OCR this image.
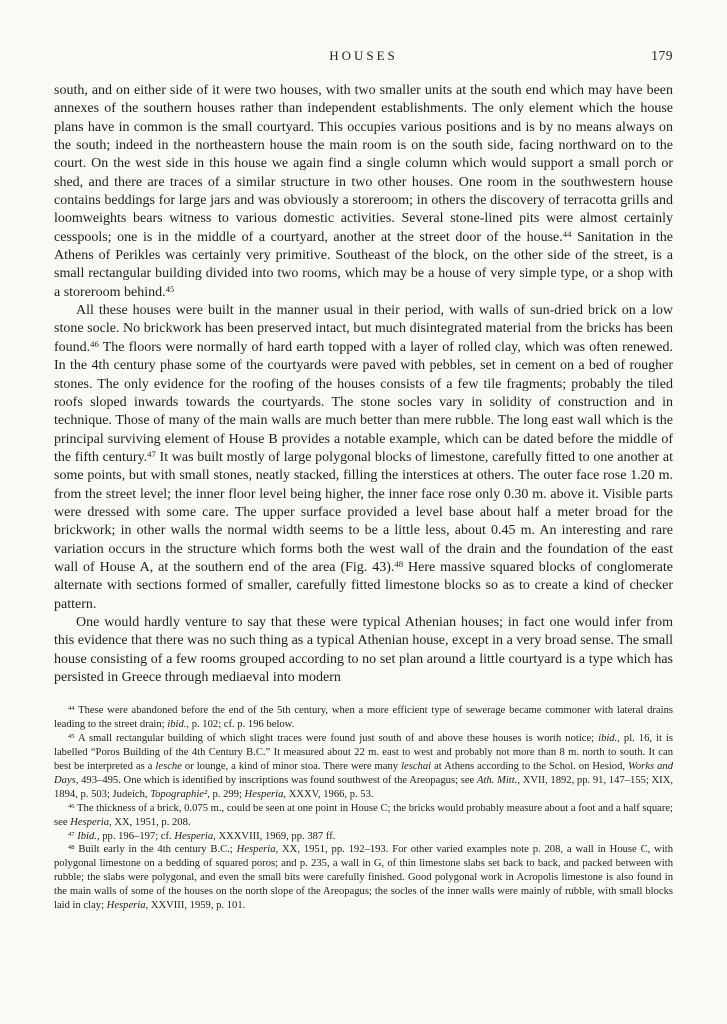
HOUSES	179

south, and on either side of it were two houses, with two smaller units at the south end which may have been annexes of the southern houses rather than independent establishments. The only element which the house plans have in common is the small courtyard. This occupies various positions and is by no means always on the south; indeed in the northeastern house the main room is on the south side, facing northward on to the court. On the west side in this house we again find a single column which would support a small porch or shed, and there are traces of a similar structure in two other houses. One room in the southwestern house contains beddings for large jars and was obviously a storeroom; in others the discovery of terracotta grills and loomweights bears witness to various domestic activities. Several stone-lined pits were almost certainly cesspools; one is in the middle of a courtyard, another at the street door of the house.$^{44}$ Sanitation in the Athens of Perikles was certainly very primitive. Southeast of the block, on the other side of the street, is a small rectangular building divided into two rooms, which may be a house of very simple type, or a shop with a storeroom behind.$^{45}$

All these houses were built in the manner usual in their period, with walls of sun-dried brick on a low stone socle. No brickwork has been preserved intact, but much disintegrated material from the bricks has been found.$^{46}$ The floors were normally of hard earth topped with a layer of rolled clay, which was often renewed. In the 4th century phase some of the courtyards were paved with pebbles, set in cement on a bed of rougher stones. The only evidence for the roofing of the houses consists of a few tile fragments; probably the tiled roofs sloped inwards towards the courtyards. The stone socles vary in solidity of construction and in technique. Those of many of the main walls are much better than mere rubble. The long east wall which is the principal surviving element of House B provides a notable example, which can be dated before the middle of the fifth century.$^{47}$ It was built mostly of large polygonal blocks of limestone, carefully fitted to one another at some points, but with small stones, neatly stacked, filling the interstices at others. The outer face rose 1.20 m. from the street level; the inner floor level being higher, the inner face rose only 0.30 m. above it. Visible parts were dressed with some care. The upper surface provided a level base about half a meter broad for the brickwork; in other walls the normal width seems to be a little less, about 0.45 m. An interesting and rare variation occurs in the structure which forms both the west wall of the drain and the foundation of the east wall of House A, at the southern end of the area (Fig. 43).$^{48}$ Here massive squared blocks of conglomerate alternate with sections formed of smaller, carefully fitted limestone blocks so as to create a kind of checker pattern.

One would hardly venture to say that these were typical Athenian houses; in fact one would infer from this evidence that there was no such thing as a typical Athenian house, except in a very broad sense. The small house consisting of a few rooms grouped according to no set plan around a little courtyard is a type which has persisted in Greece through mediaeval into modern

$^{44}$ These were abandoned before the end of the 5th century, when a more efficient type of sewerage became commoner with lateral drains leading to the street drain; ibid., p. 102; cf. p. 196 below.

$^{45}$ A small rectangular building of which slight traces were found just south of and above these houses is worth notice; ibid., pl. 16, it is labelled “Poros Building of the 4th Century B.C.” It measured about 22 m. east to west and probably not more than 8 m. north to south. It can best be interpreted as a lesche or lounge, a kind of minor stoa. There were many leschai at Athens according to the Schol. on Hesiod, Works and Days, 493–495. One which is identified by inscriptions was found southwest of the Areopagus; see Ath. Mitt., XVII, 1892, pp. 91, 147–155; XIX, 1894, p. 503; Judeich, Topographie², p. 299; Hesperia, XXXV, 1966, p. 53.

$^{46}$ The thickness of a brick, 0.075 m., could be seen at one point in House C; the bricks would probably measure about a foot and a half square; see Hesperia, XX, 1951, p. 208.

$^{47}$ Ibid., pp. 196–197; cf. Hesperia, XXXVIII, 1969, pp. 387 ff.

$^{48}$ Built early in the 4th century B.C.; Hesperia, XX, 1951, pp. 192–193. For other varied examples note p. 208, a wall in House C, with polygonal limestone on a bedding of squared poros; and p. 235, a wall in G, of thin limestone slabs set back to back, and packed between with rubble; the slabs were polygonal, and even the small bits were carefully finished. Good polygonal work in Acropolis limestone is also found in the main walls of some of the houses on the north slope of the Areopagus; the socles of the inner walls were mainly of rubble, with small blocks laid in clay; Hesperia, XXVIII, 1959, p. 101.
